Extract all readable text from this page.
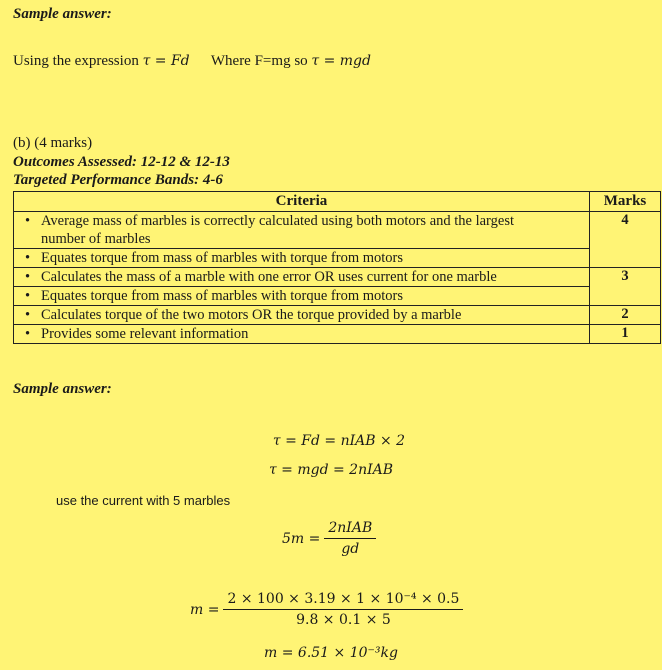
Sample answer:
Using the expression τ = Fd Where F=mg so τ = mgd
(b) (4 marks)
Outcomes Assessed: 12-12 & 12-13
Targeted Performance Bands: 4-6
Criteria	Marks

• Average mass of marbles is correctly calculated using both motors and the largest
number of marbles
• Equates torque from mass of marbles with torque from motors	4

• Calculates the mass of a marble with one error OR uses current for one marble
• Equates torque from mass of marbles with torque from motors	3

• Calculates torque of the two motors OR the torque provided by a marble	2

• Provides some relevant information	1
Sample answer:
τ = Fd = nIAB × 2
τ = mgd = 2nIAB
use the current with 5 marbles
$5m = \frac{\text{2nIAB}}{gd}$
$m = \frac{\text{2 × 100 × 3.19 × 1 × 10⁻⁴ × 0.5}}{9.8 \times 0.1 \times 5}$
m = 6.51 × 10⁻³kg
